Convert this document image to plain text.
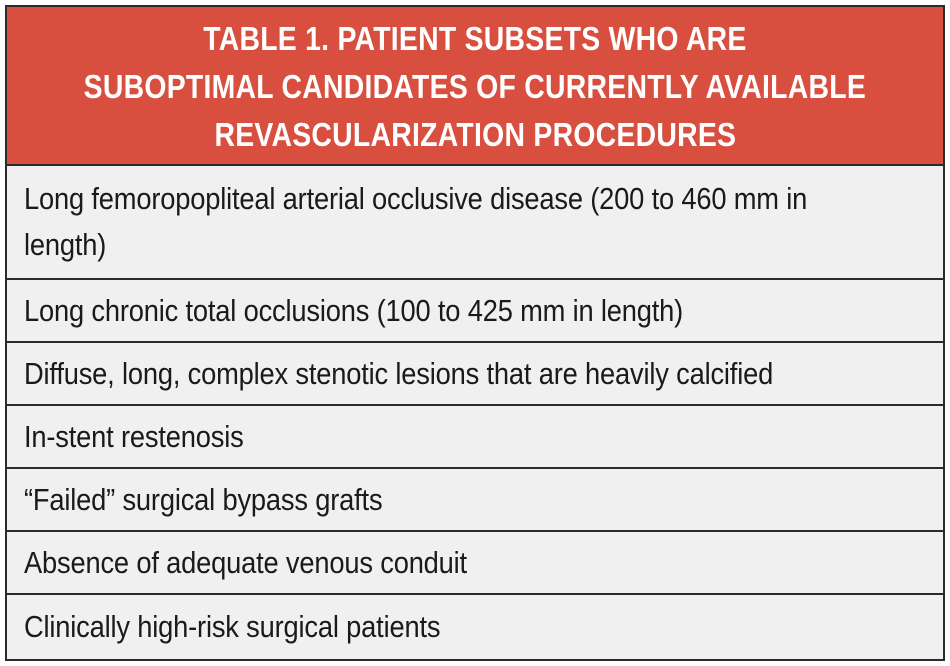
TABLE 1. PATIENT SUBSETS WHO ARE
SUBOPTIMAL CANDIDATES OF CURRENTLY AVAILABLE
REVASCULARIZATION PROCEDURES
Long femoropopliteal arterial occlusive disease (200 to 460 mm in length)
Long chronic total occlusions (100 to 425 mm in length)
Diffuse, long, complex stenotic lesions that are heavily calcified
In-stent restenosis
“Failed” surgical bypass grafts
Absence of adequate venous conduit
Clinically high-risk surgical patients
